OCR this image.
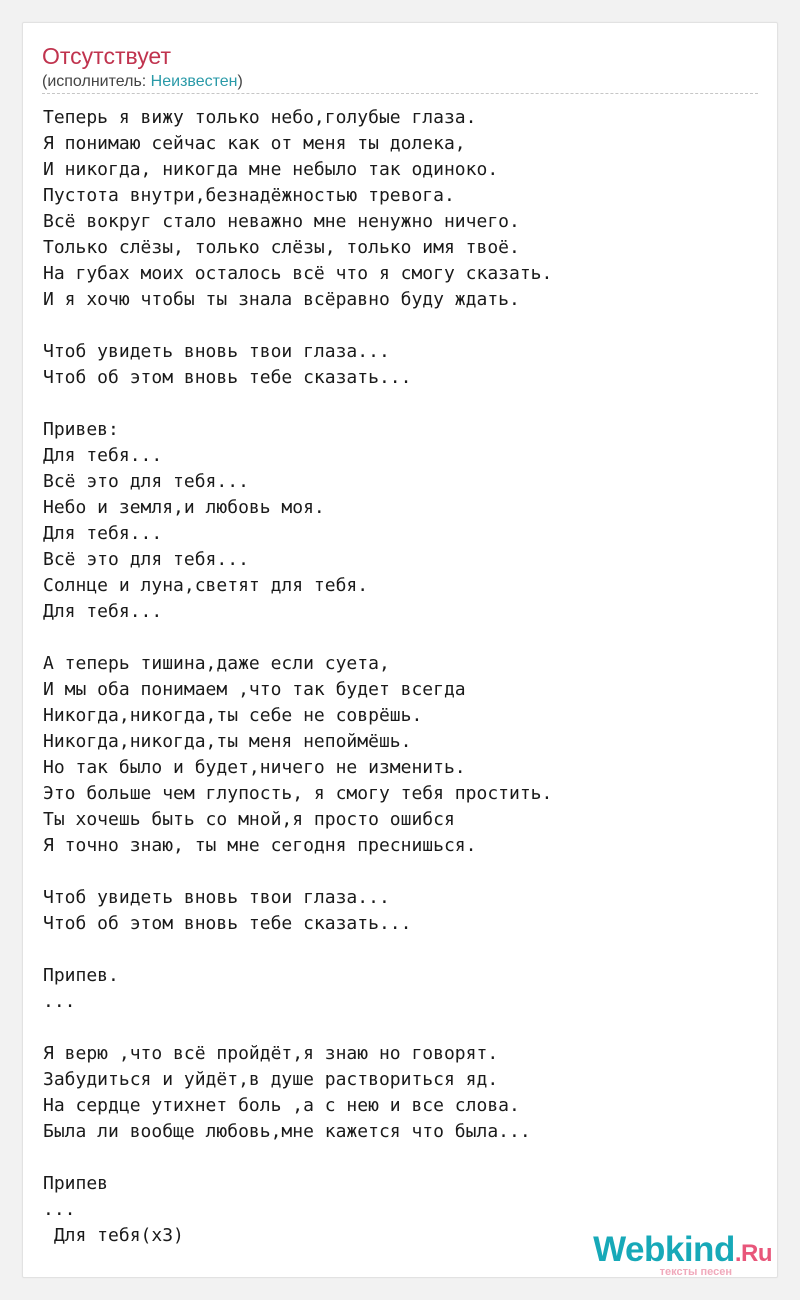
Отсутствует
(исполнитель: Неизвестен)
Теперь я вижу только небо,голубые глаза.
Я понимаю сейчас как от меня ты долека,
И никогда, никогда мне небыло так одиноко.
Пустота внутри,безнадёжностью тревога.
Всё вокруг стало неважно мне ненужно ничего.
Только слёзы, только слёзы, только имя твоё.
На губах моих осталось всё что я смогу сказать.
И я хочю чтобы ты знала всёравно буду ждать.

Чтоб увидеть вновь твои глаза...
Чтоб об этом вновь тебе сказать...

Привев:
Для тебя...
Всё это для тебя...
Небо и земля,и любовь моя.
Для тебя...
Всё это для тебя...
Солнце и луна,светят для тебя.
Для тебя...

А теперь тишина,даже если суета,
И мы оба понимаем ,что так будет всегда
Никогда,никогда,ты себе не соврёшь.
Никогда,никогда,ты меня непоймёшь.
Но так было и будет,ничего не изменить.
Это больше чем глупость, я смогу тебя простить.
Ты хочешь быть со мной,я просто ошибся
Я точно знаю, ты мне сегодня преснишься.

Чтоб увидеть вновь твои глаза...
Чтоб об этом вновь тебе сказать...

Припев.
...

Я верю ,что всё пройдёт,я знаю но говорят.
Забудиться и уйдёт,в душе раствориться яд.
На сердце утихнет боль ,а с нею и все слова.
Была ли вообще любовь,мне кажется что была...

Припев
...
Для тебя(х3)	Webkind.Ru
тексты песен
